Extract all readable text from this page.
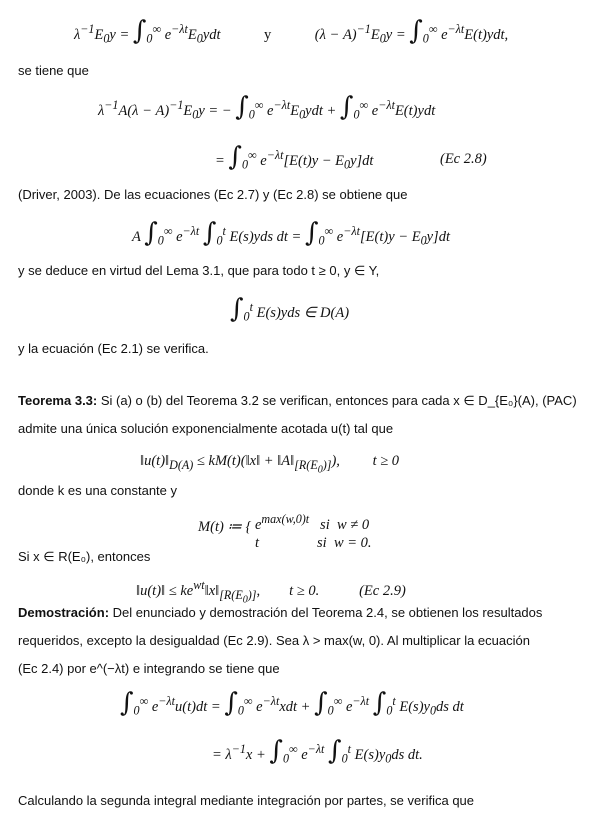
$\lambda^{-1}E_0y = \int_0^\infty$ $e^{-\lambda t}E_0ydt$            y            $(\lambda - A)^{-1}E_0y = \int_0^\infty$ $e^{-\lambda t}E(t)ydt$,
se tiene que
$\lambda^{-1}A(\lambda - A)^{-1}E_0y$ = − $\int_0^\infty$ $e^{-\lambda t}E_0ydt + \int_0^\infty$ $e^{-\lambda t}E(t)ydt$
= $\int_0^\infty$ $e^{-\lambda t}[E(t)y - E_0y]dt$	(Ec 2.8)
(Driver, 2003). De las ecuaciones (Ec 2.7) y (Ec 2.8) se obtiene que
A $\int_0^\infty$ $e^{-\lambda t}$ $\int_0^t$ E(s)yds dt = $\int_0^\infty$ $e^{-\lambda t}[E(t)y - E_0y]dt$
y se deduce en virtud del Lema 3.1, que para todo t ≥ 0, y ∈ Y,
$\int_0^t$ E(s)yds ∈ D(A)
y la ecuación (Ec 2.1) se verifica.
Teorema 3.3: Si (a) o (b) del Teorema 3.2 se verifican, entonces para cada x ∈ D_{E₀}(A), (PAC)
admite una única solución exponencialmente acotada u(t) tal que
$‖u(t)‖_{D(A)}$ ≤ kM(t)(‖x‖ + $‖A‖_{[R(E_0)]}$),         t ≥ 0
donde k es una constante y
M(t) ≔ { $e^{max(w,0)t}$   si  w ≠ 0
t                si  w = 0.
Si x ∈ R(E₀), entonces
‖u(t)‖ ≤ $ke^{wt}‖x‖_{[R(E_0)]}$,        t ≥ 0.           (Ec 2.9)
Demostración: Del enunciado y demostración del Teorema 2.4, se obtienen los resultados
requeridos, excepto la desigualdad (Ec 2.9). Sea λ > max(w, 0). Al multiplicar la ecuación
(Ec 2.4) por e^(−λt) e integrando se tiene que
$\int_0^\infty$ $e^{-\lambda t}u(t)dt = \int_0^\infty$ $e^{-\lambda t}xdt + \int_0^\infty$ $e^{-\lambda t}$ $\int_0^t$ $E(s)y_0ds$ dt
= $\lambda^{-1}x + \int_0^\infty$ $e^{-\lambda t}$ $\int_0^t$ $E(s)y_0ds$ dt.
Calculando la segunda integral mediante integración por partes, se verifica que
